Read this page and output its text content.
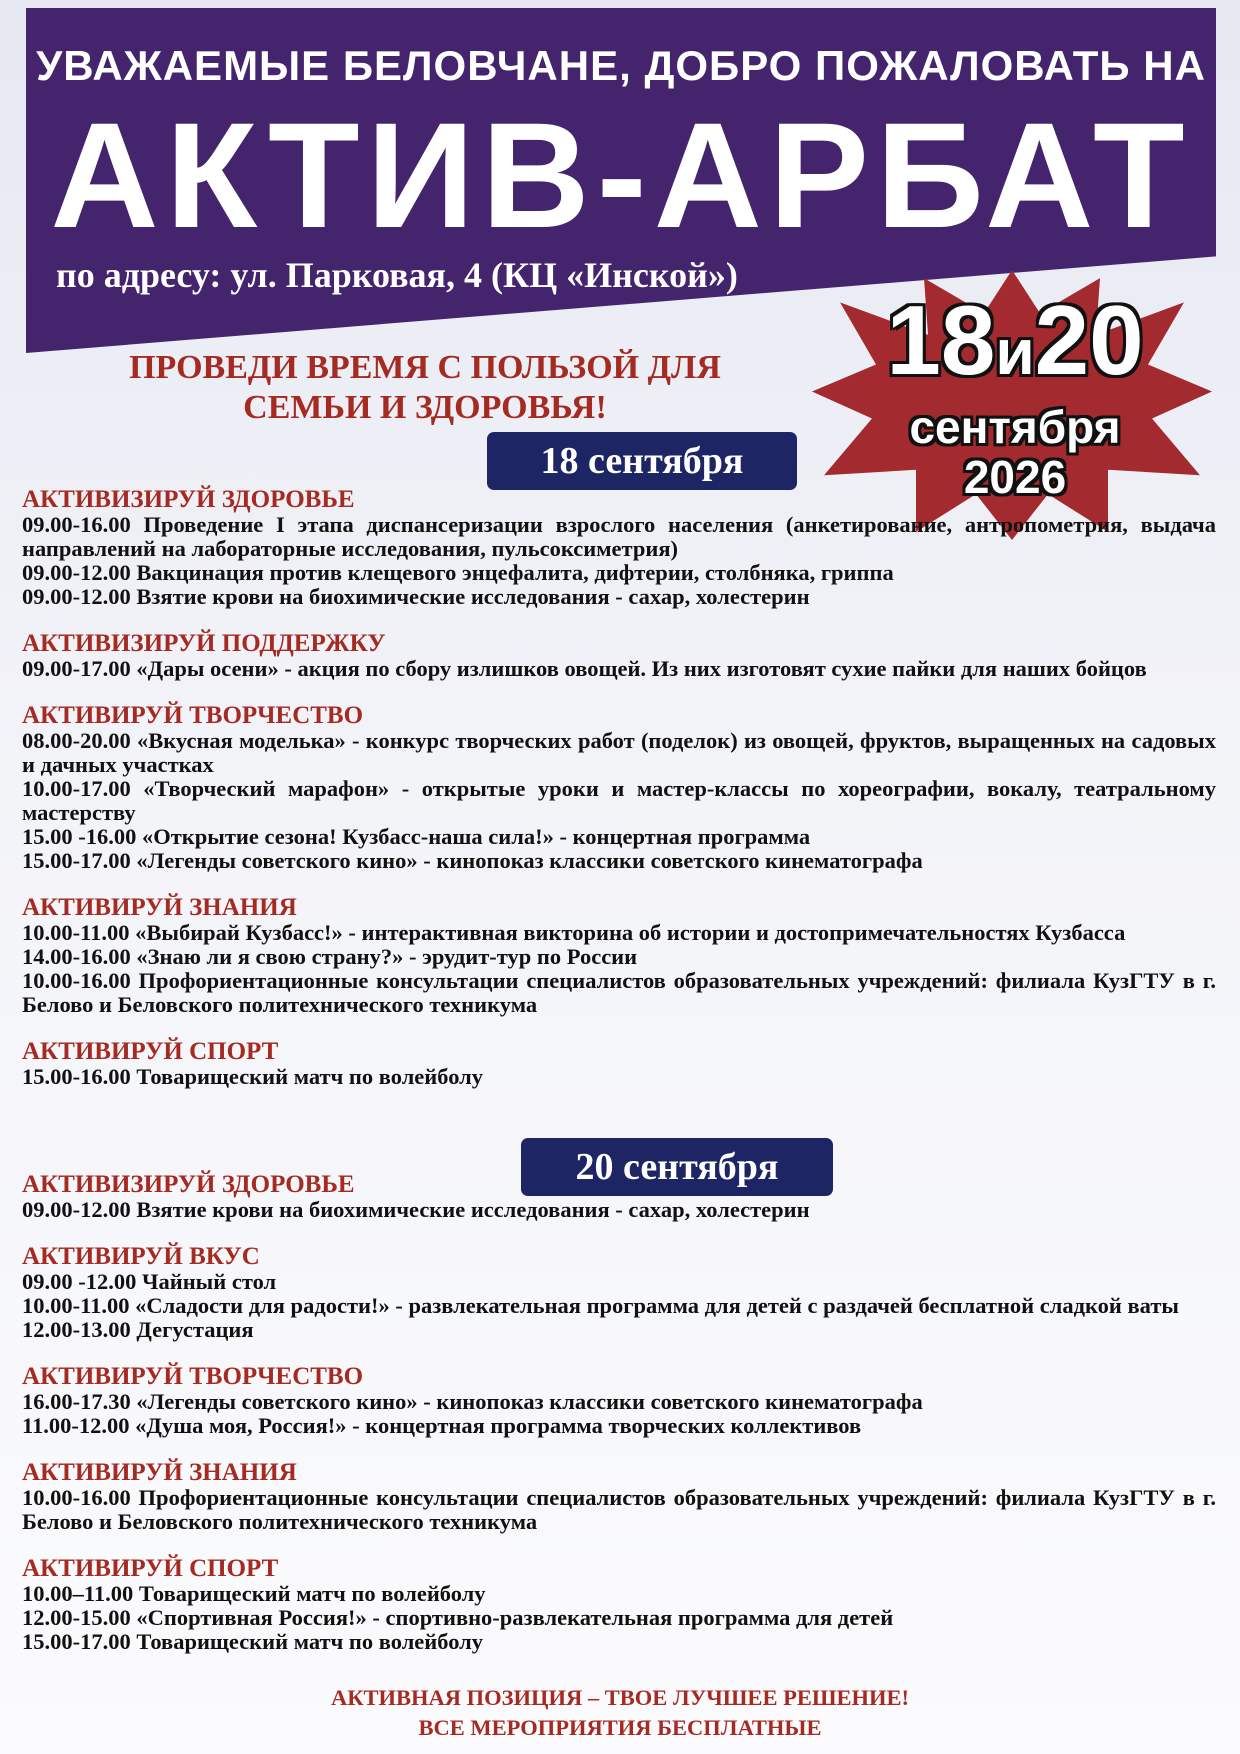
УВАЖАЕМЫЕ БЕЛОВЧАНЕ, ДОБРО ПОЖАЛОВАТЬ НА
АКТИВ-АРБАТ
по адресу: ул. Парковая, 4 (КЦ «Инской»)
18и20
сентября
2026
ПРОВЕДИ ВРЕМЯ С ПОЛЬЗОЙ ДЛЯ
СЕМЬИ И ЗДОРОВЬЯ!
18 сентября
АКТИВИЗИРУЙ ЗДОРОВЬЕ
09.00-16.00 Проведение I этапа диспансеризации взрослого населения (анкетирование, антропометрия, выдача направлений на лабораторные исследования, пульсоксиметрия)
09.00-12.00 Вакцинация против клещевого энцефалита, дифтерии, столбняка, гриппа
09.00-12.00 Взятие крови на биохимические исследования - сахар, холестерин
АКТИВИЗИРУЙ ПОДДЕРЖКУ
09.00-17.00 «Дары осени» - акция по сбору излишков овощей. Из них изготовят сухие пайки для наших бойцов
АКТИВИРУЙ ТВОРЧЕСТВО
08.00-20.00 «Вкусная моделька» - конкурс творческих работ (поделок) из овощей, фруктов, выращенных на садовых и дачных участках
10.00-17.00 «Творческий марафон» - открытые уроки и мастер-классы по хореографии, вокалу, театральному мастерству
15.00 -16.00 «Открытие сезона! Кузбасс-наша сила!» - концертная программа
15.00-17.00 «Легенды советского кино» - кинопоказ классики советского кинематографа
АКТИВИРУЙ ЗНАНИЯ
10.00-11.00 «Выбирай Кузбасс!» - интерактивная викторина об истории и достопримечательностях Кузбасса
14.00-16.00 «Знаю ли я свою страну?» - эрудит-тур по России
10.00-16.00 Профориентационные консультации специалистов образовательных учреждений: филиала КузГТУ в г. Белово и Беловского политехнического техникума
АКТИВИРУЙ СПОРТ
15.00-16.00 Товарищеский матч по волейболу
20 сентября
АКТИВИЗИРУЙ ЗДОРОВЬЕ
09.00-12.00 Взятие крови на биохимические исследования - сахар, холестерин
АКТИВИРУЙ ВКУС
09.00 -12.00 Чайный стол
10.00-11.00 «Сладости для радости!» - развлекательная программа для детей с раздачей бесплатной сладкой ваты
12.00-13.00 Дегустация
АКТИВИРУЙ ТВОРЧЕСТВО
16.00-17.30 «Легенды советского кино» - кинопоказ классики советского кинематографа
11.00-12.00 «Душа моя, Россия!» - концертная программа творческих коллективов
АКТИВИРУЙ ЗНАНИЯ
10.00-16.00 Профориентационные консультации специалистов образовательных учреждений: филиала КузГТУ в г. Белово и Беловского политехнического техникума
АКТИВИРУЙ СПОРТ
10.00–11.00 Товарищеский матч по волейболу
12.00-15.00 «Спортивная Россия!» - спортивно-развлекательная программа для детей
15.00-17.00 Товарищеский матч по волейболу
АКТИВНАЯ ПОЗИЦИЯ – ТВОЕ ЛУЧШЕЕ РЕШЕНИЕ!
ВСЕ МЕРОПРИЯТИЯ БЕСПЛАТНЫЕ
